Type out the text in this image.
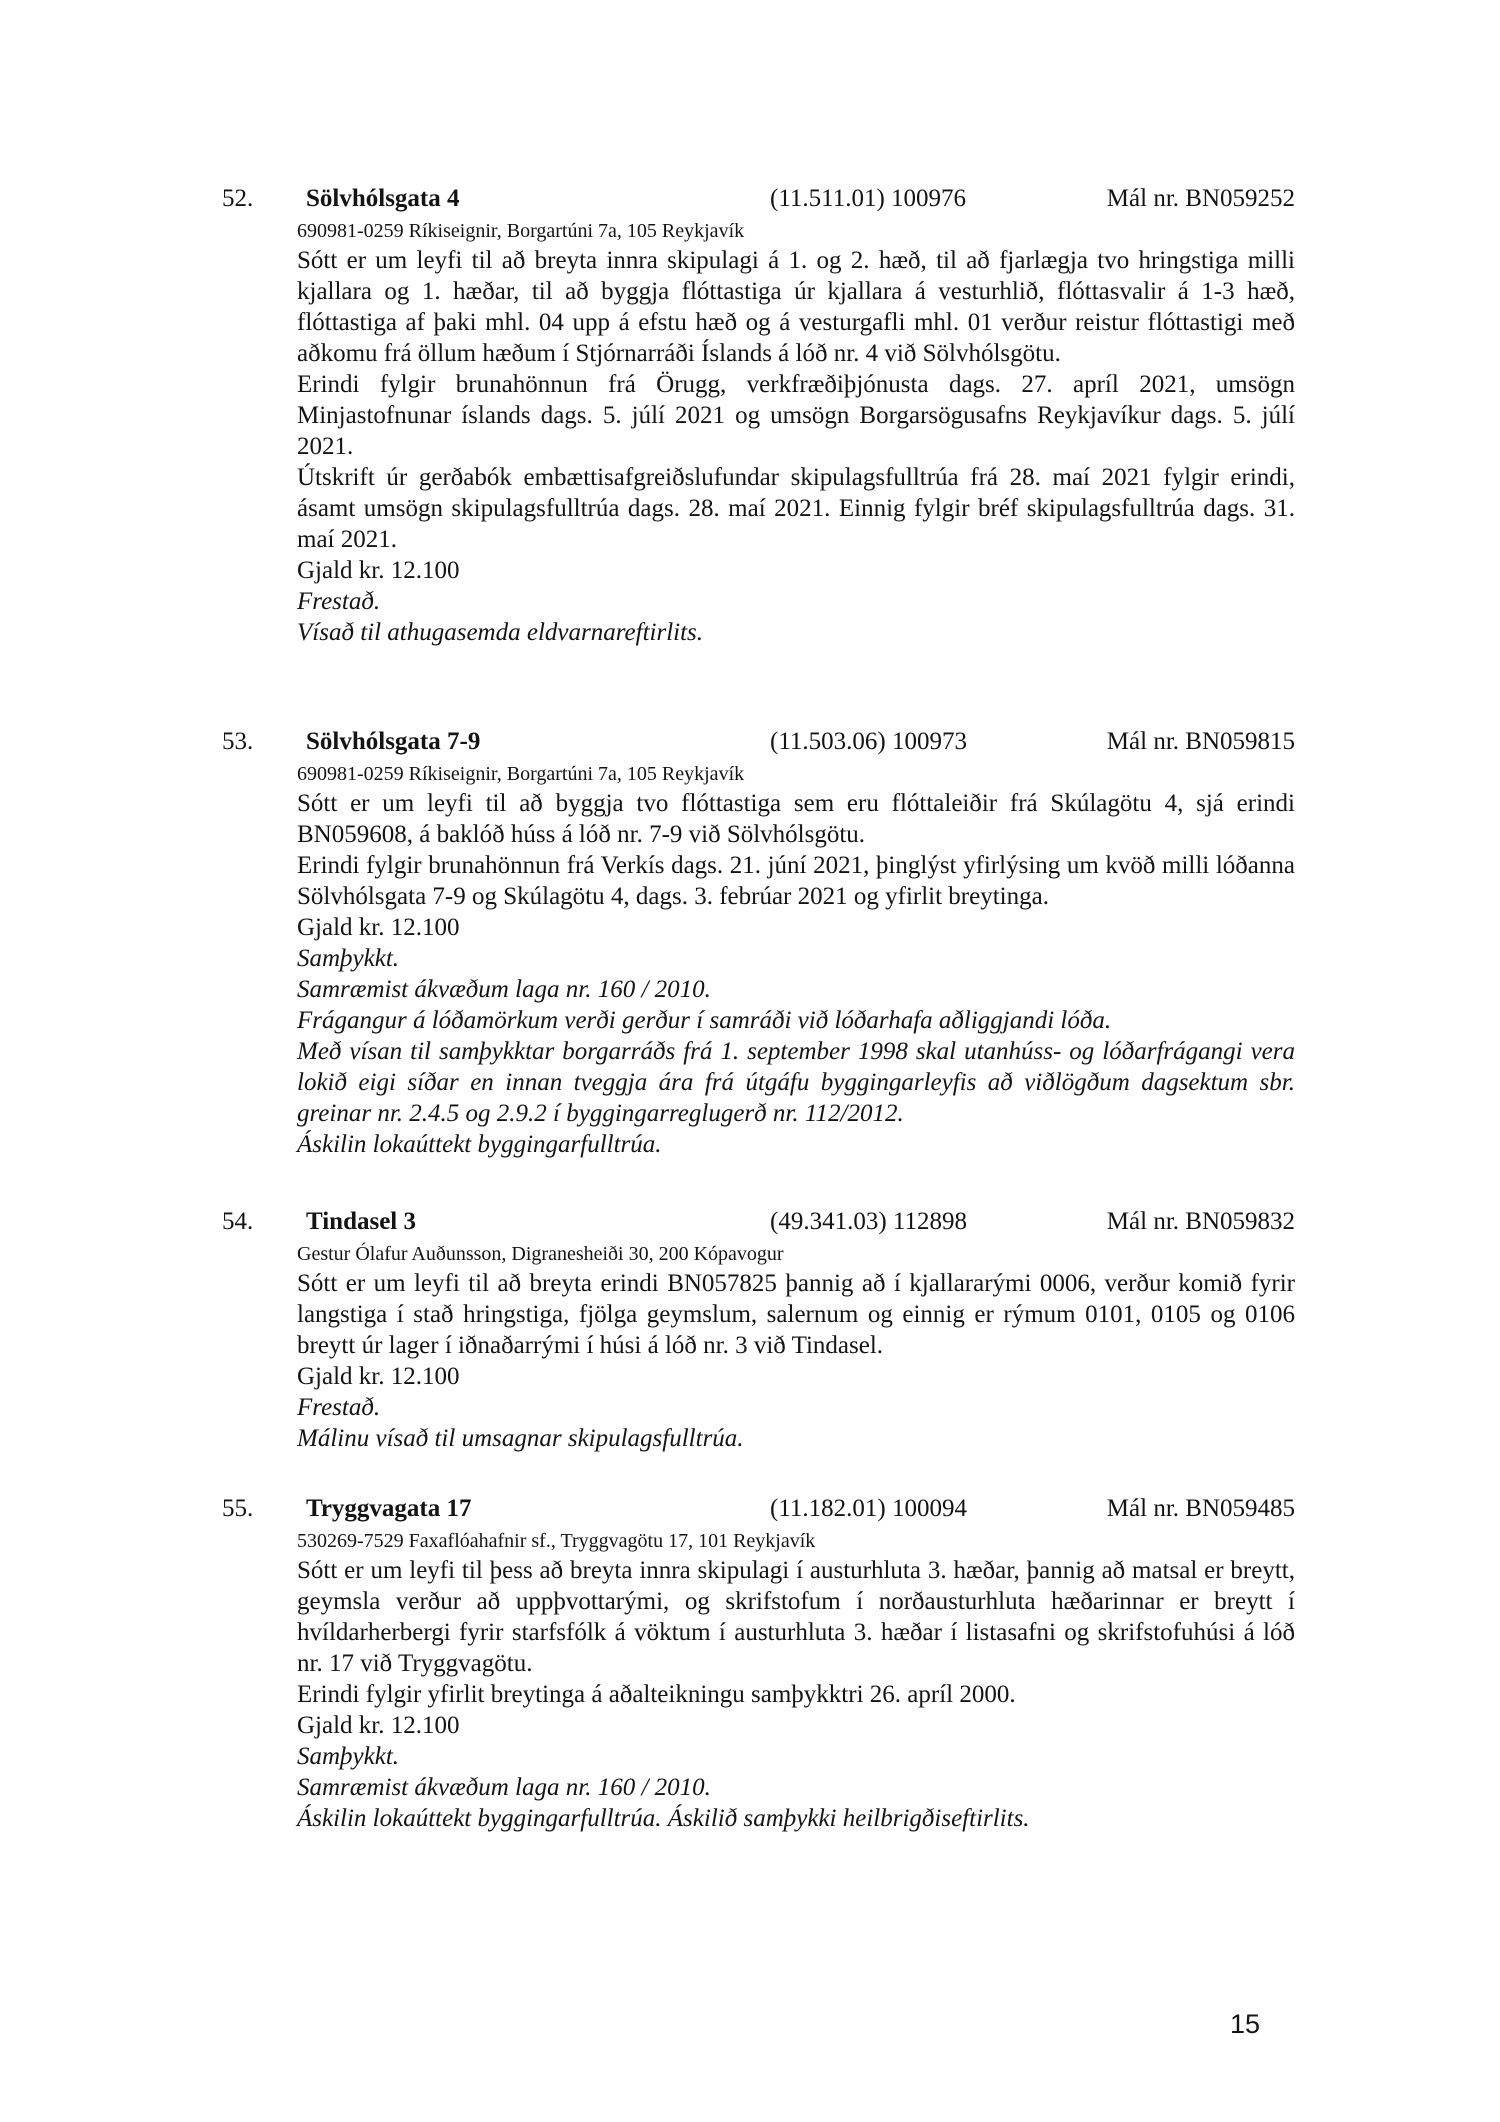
52. Sölvhólsgata 4	(11.511.01) 100976	Mál nr. BN059252
690981-0259 Ríkiseignir, Borgartúni 7a, 105 Reykjavík

Sótt er um leyfi til að breyta innra skipulagi á 1. og 2. hæð, til að fjarlægja tvo hringstiga milli kjallara og 1. hæðar, til að byggja flóttastiga úr kjallara á vesturhlið, flóttasvalir á 1-3 hæð, flóttastiga af þaki mhl. 04 upp á efstu hæð og á vesturgafli mhl. 01 verður reistur flóttastigi með aðkomu frá öllum hæðum í Stjórnarráði Íslands á lóð nr. 4 við Sölvhólsgötu.

Erindi fylgir brunahönnun frá Örugg, verkfræðiþjónusta dags. 27. apríl 2021, umsögn Minjastofnunar íslands dags. 5. júlí 2021 og umsögn Borgarsögusafns Reykjavíkur dags. 5. júlí 2021.

Útskrift úr gerðabók embættisafgreiðslufundar skipulagsfulltrúa frá 28. maí 2021 fylgir erindi, ásamt umsögn skipulagsfulltrúa dags. 28. maí 2021. Einnig fylgir bréf skipulagsfulltrúa dags. 31. maí 2021.

Gjald kr. 12.100

Frestað.

Vísað til athugasemda eldvarnareftirlits.

53. Sölvhólsgata 7-9	(11.503.06) 100973	Mál nr. BN059815
690981-0259 Ríkiseignir, Borgartúni 7a, 105 Reykjavík

Sótt er um leyfi til að byggja tvo flóttastiga sem eru flóttaleiðir frá Skúlagötu 4, sjá erindi BN059608, á baklóð húss á lóð nr. 7-9 við Sölvhólsgötu.

Erindi fylgir brunahönnun frá Verkís dags. 21. júní 2021, þinglýst yfirlýsing um kvöð milli lóðanna Sölvhólsgata 7-9 og Skúlagötu 4, dags. 3. febrúar 2021 og yfirlit breytinga.

Gjald kr. 12.100

Samþykkt.

Samræmist ákvæðum laga nr. 160 / 2010.

Frágangur á lóðamörkum verði gerður í samráði við lóðarhafa aðliggjandi lóða.

Með vísan til samþykktar borgarráðs frá 1. september 1998 skal utanhúss- og lóðarfrágangi vera lokið eigi síðar en innan tveggja ára frá útgáfu byggingarleyfis að viðlögðum dagsektum sbr. greinar nr. 2.4.5 og 2.9.2 í byggingarreglugerð nr. 112/2012.

Áskilin lokaúttekt byggingarfulltrúa.

54. Tindasel 3	(49.341.03) 112898	Mál nr. BN059832
Gestur Ólafur Auðunsson, Digranesheiði 30, 200 Kópavogur

Sótt er um leyfi til að breyta erindi BN057825 þannig að í kjallararými 0006, verður komið fyrir langstiga í stað hringstiga, fjölga geymslum, salernum og einnig er rýmum 0101, 0105 og 0106 breytt úr lager í iðnaðarrými í húsi á lóð nr. 3 við Tindasel.

Gjald kr. 12.100

Frestað.

Málinu vísað til umsagnar skipulagsfulltrúa.

55. Tryggvagata 17	(11.182.01) 100094	Mál nr. BN059485
530269-7529 Faxaflóahafnir sf., Tryggvagötu 17, 101 Reykjavík

Sótt er um leyfi til þess að breyta innra skipulagi í austurhluta 3. hæðar, þannig að matsal er breytt, geymsla verður að uppþvottarými, og skrifstofum í norðausturhluta hæðarinnar er breytt í hvíldarherbergi fyrir starfsfólk á vöktum í austurhluta 3. hæðar í listasafni og skrifstofuhúsi á lóð nr. 17 við Tryggvagötu.

Erindi fylgir yfirlit breytinga á aðalteikningu samþykktri 26. apríl 2000.

Gjald kr. 12.100

Samþykkt.

Samræmist ákvæðum laga nr. 160 / 2010.

Áskilin lokaúttekt byggingarfulltrúa. Áskilið samþykki heilbrigðiseftirlits.

15
